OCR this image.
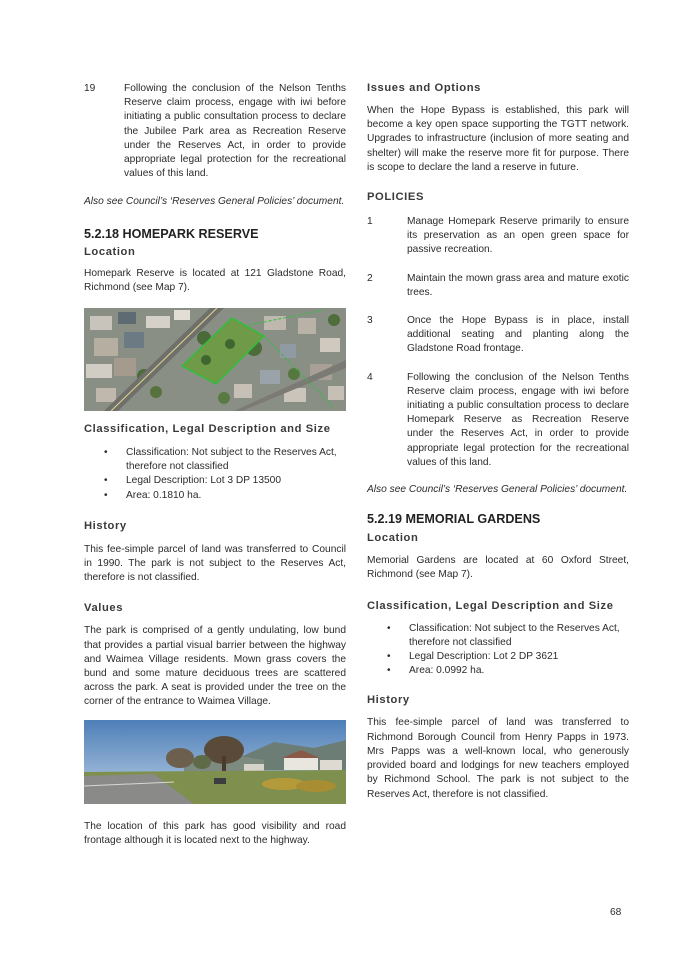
19	Following the conclusion of the Nelson Tenths Reserve claim process, engage with iwi before initiating a public consultation process to declare the Jubilee Park area as Recreation Reserve under the Reserves Act, in order to provide appropriate legal protection for the recreational values of this land.

Also see Council’s ‘Reserves General Policies’ document.

5.2.18 HOMEPARK RESERVE
Location

Homepark Reserve is located at 121 Gladstone Road, Richmond (see Map 7).

Classification, Legal Description and Size
• Classification: Not subject to the Reserves Act, therefore not classified
• Legal Description: Lot 3 DP 13500
• Area: 0.1810 ha.
History

This fee-simple parcel of land was transferred to Council in 1990. The park is not subject to the Reserves Act, therefore is not classified.

Values

The park is comprised of a gently undulating, low bund that provides a partial visual barrier between the highway and Waimea Village residents. Mown grass covers the bund and some mature deciduous trees are scattered across the park. A seat is provided under the tree on the corner of the entrance to Waimea Village.

The location of this park has good visibility and road frontage although it is located next to the highway.

Issues and Options

When the Hope Bypass is established, this park will become a key open space supporting the TGTT network. Upgrades to infrastructure (inclusion of more seating and shelter) will make the reserve more fit for purpose. There is scope to declare the land a reserve in future.

POLICIES
1	Manage Homepark Reserve primarily to ensure its preservation as an open green space for passive recreation.

2	Maintain the mown grass area and mature exotic trees.

3	Once the Hope Bypass is in place, install additional seating and planting along the Gladstone Road frontage.

4	Following the conclusion of the Nelson Tenths Reserve claim process, engage with iwi before initiating a public consultation process to declare Homepark Reserve as Recreation Reserve under the Reserves Act, in order to provide appropriate legal protection for the recreational values of this land.

Also see Council’s ‘Reserves General Policies’ document.

5.2.19 MEMORIAL GARDENS
Location

Memorial Gardens are located at 60 Oxford Street, Richmond (see Map 7).

Classification, Legal Description and Size
• Classification: Not subject to the Reserves Act, therefore not classified
• Legal Description: Lot 2 DP 3621
• Area: 0.0992 ha.
History

This fee-simple parcel of land was transferred to Richmond Borough Council from Henry Papps in 1973. Mrs Papps was a well-known local, who generously provided board and lodgings for new teachers employed by Richmond School. The park is not subject to the Reserves Act, therefore is not classified.

68
